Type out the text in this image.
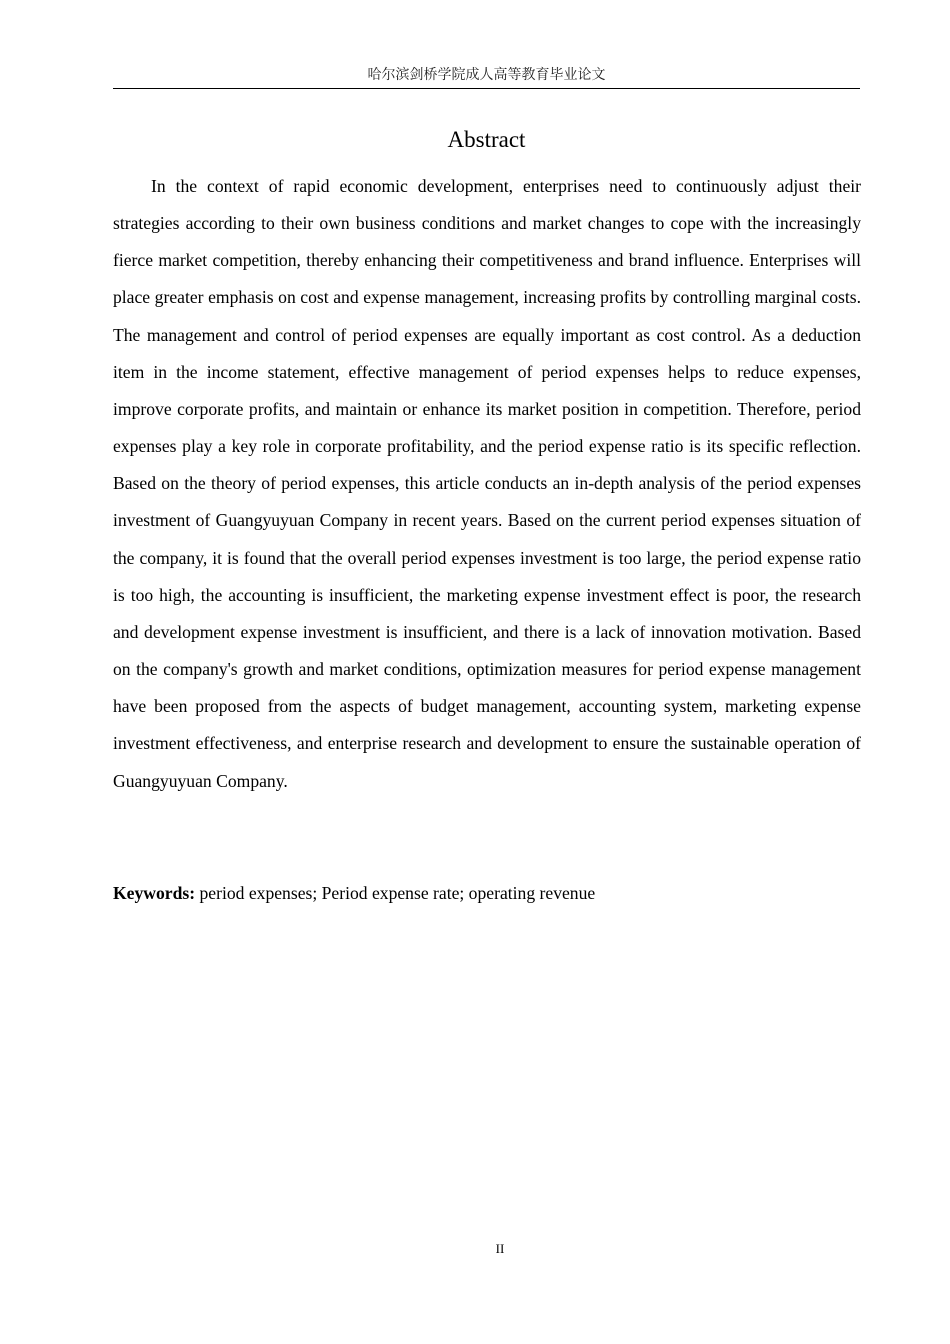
哈尔滨剑桥学院成人高等教育毕业论文
Abstract

In the context of rapid economic development, enterprises need to continuously adjust their strategies according to their own business conditions and market changes to cope with the increasingly fierce market competition, thereby enhancing their competitiveness and brand influence. Enterprises will place greater emphasis on cost and expense management, increasing profits by controlling marginal costs. The management and control of period expenses are equally important as cost control. As a deduction item in the income statement, effective management of period expenses helps to reduce expenses, improve corporate profits, and maintain or enhance its market position in competition. Therefore, period expenses play a key role in corporate profitability, and the period expense ratio is its specific reflection. Based on the theory of period expenses, this article conducts an in-depth analysis of the period expenses investment of Guangyuyuan Company in recent years. Based on the current period expenses situation of the company, it is found that the overall period expenses investment is too large, the period expense ratio is too high, the accounting is insufficient, the marketing expense investment effect is poor, the research and development expense investment is insufficient, and there is a lack of innovation motivation. Based on the company's growth and market conditions, optimization measures for period expense management have been proposed from the aspects of budget management, accounting system, marketing expense investment effectiveness, and enterprise research and development to ensure the sustainable operation of Guangyuyuan Company.

Keywords: period expenses; Period expense rate; operating revenue

II
